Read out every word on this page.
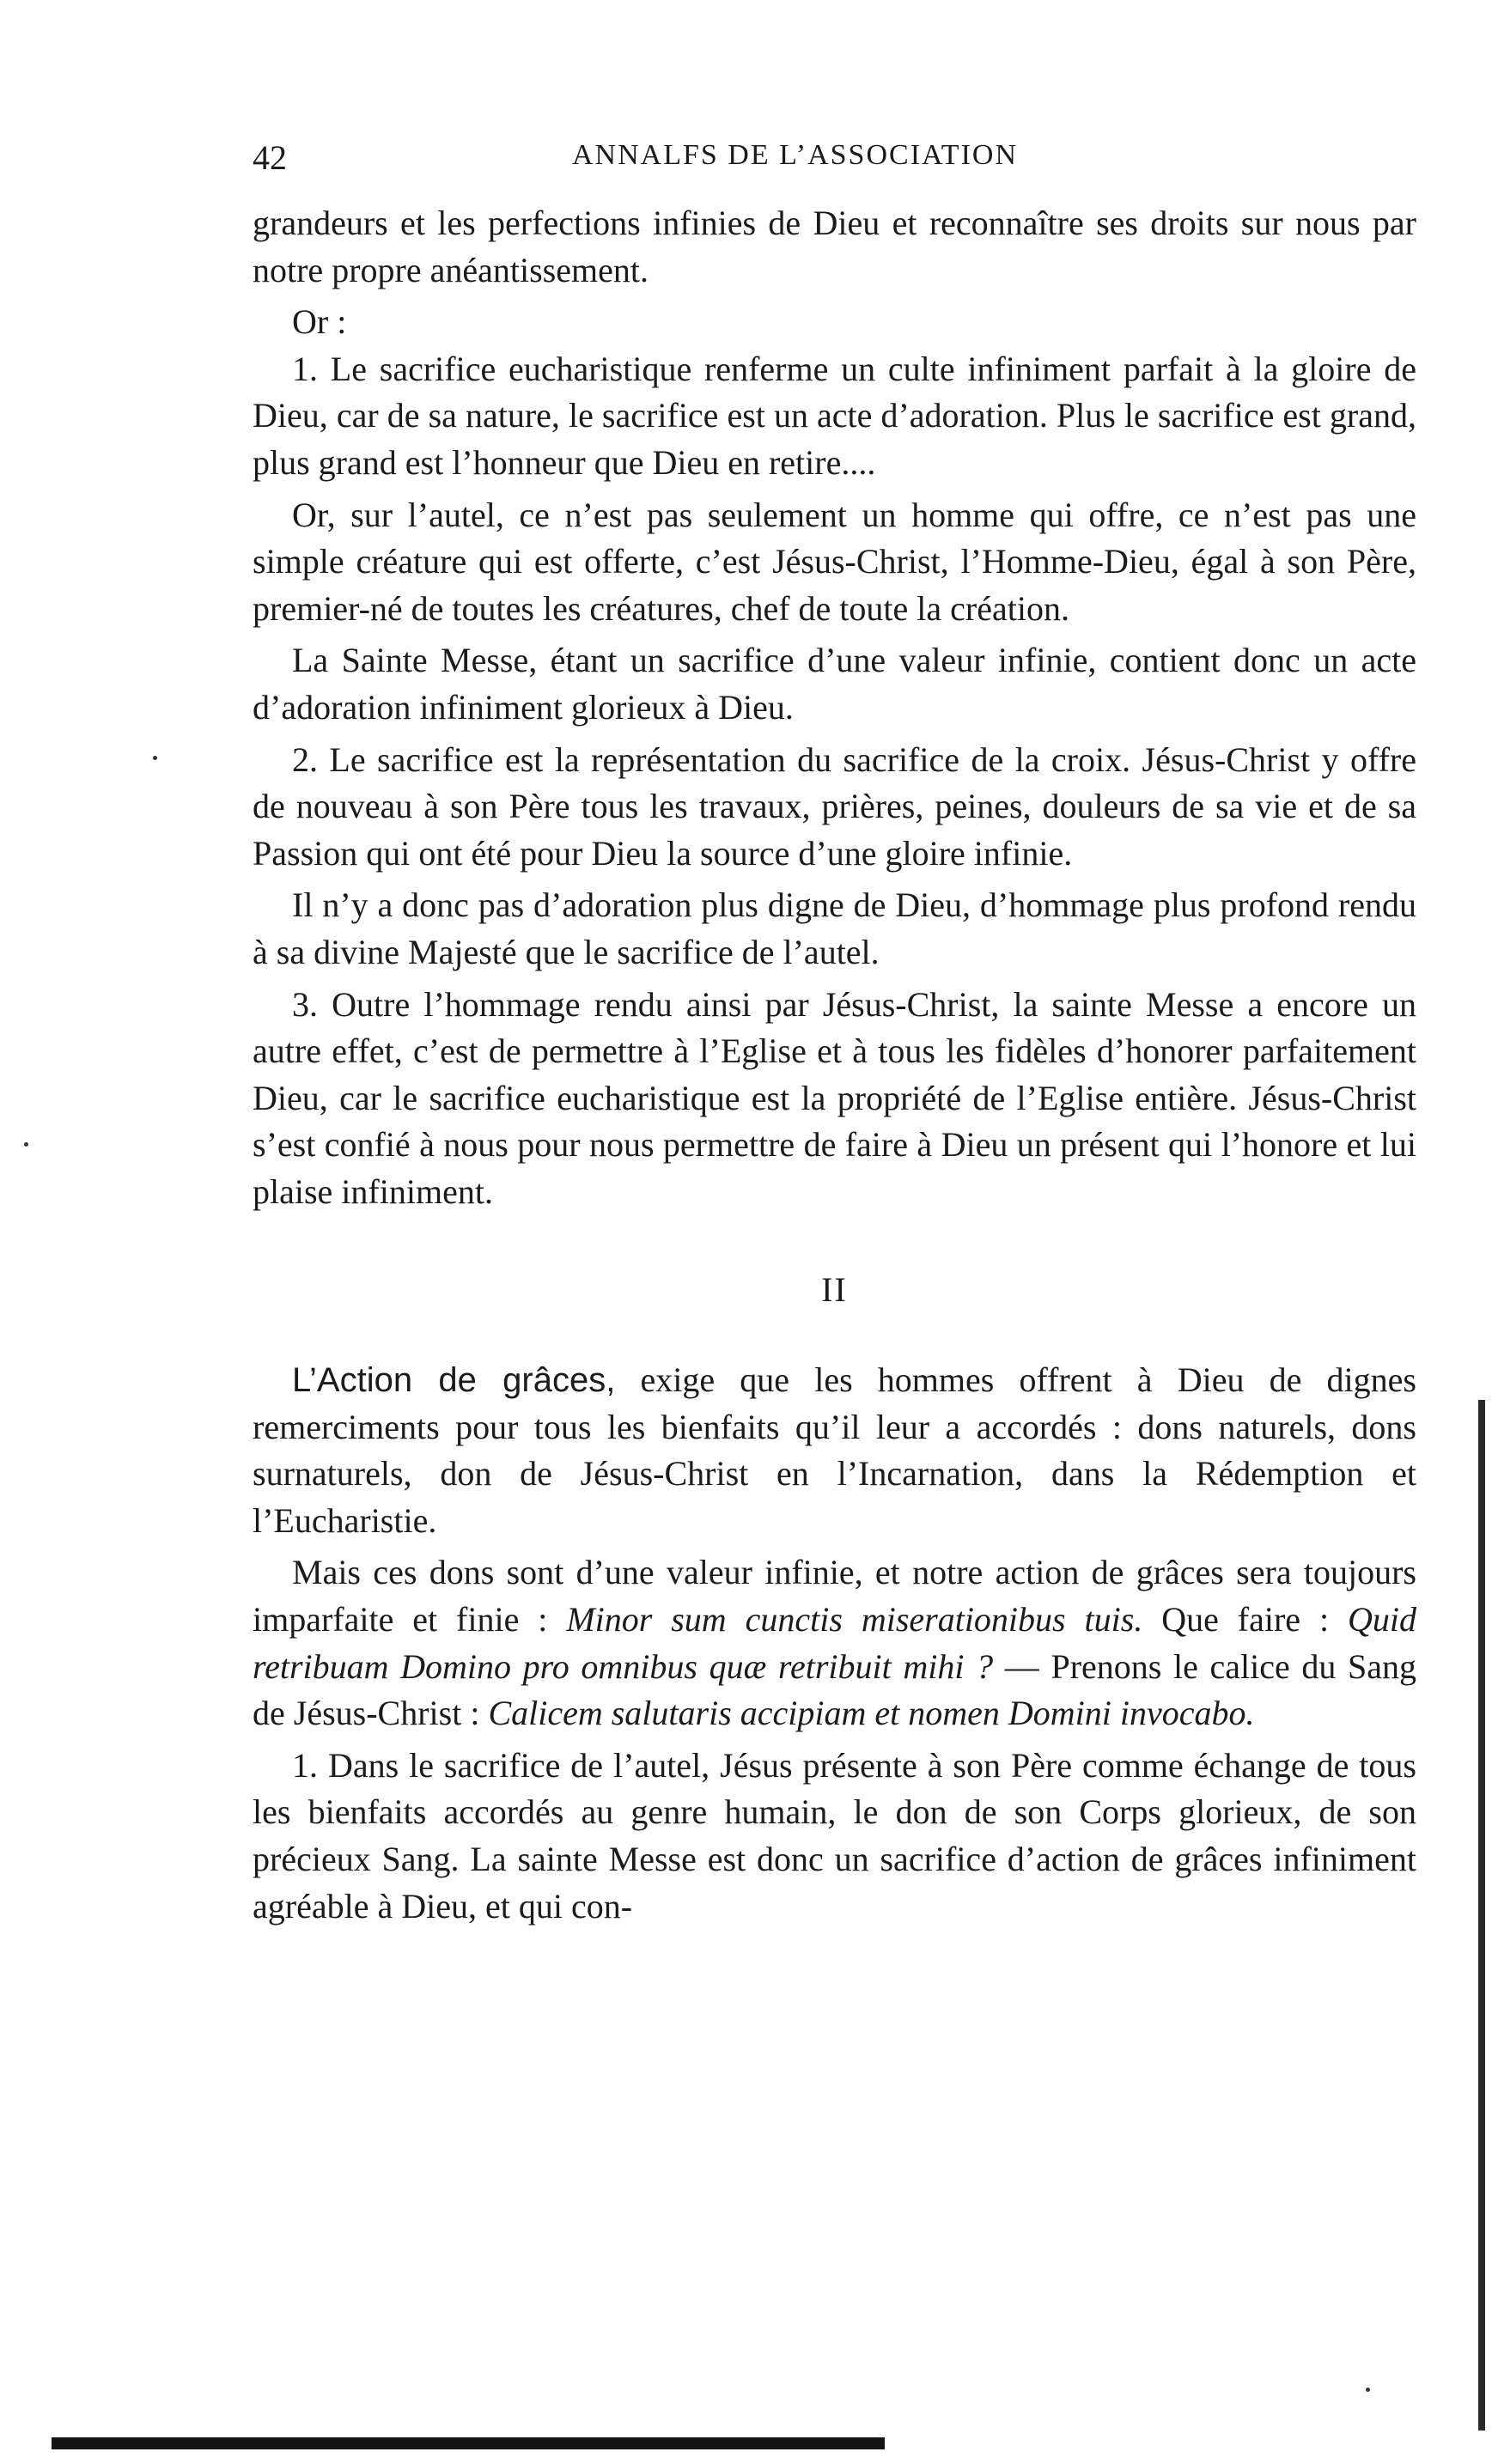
42	ANNALFS DE L’ASSOCIATION

grandeurs et les perfections infinies de Dieu et reconnaître ses droits sur nous par notre propre anéantissement.

Or :

1. Le sacrifice eucharistique renferme un culte infiniment parfait à la gloire de Dieu, car de sa nature, le sacrifice est un acte d’adoration. Plus le sacrifice est grand, plus grand est l’honneur que Dieu en retire....

Or, sur l’autel, ce n’est pas seulement un homme qui offre, ce n’est pas une simple créature qui est offerte, c’est Jésus-Christ, l’Homme-Dieu, égal à son Père, premier-né de toutes les créatures, chef de toute la création.

La Sainte Messe, étant un sacrifice d’une valeur infinie, contient donc un acte d’adoration infiniment glorieux à Dieu.

2. Le sacrifice est la représentation du sacrifice de la croix. Jésus-Christ y offre de nouveau à son Père tous les travaux, prières, peines, douleurs de sa vie et de sa Passion qui ont été pour Dieu la source d’une gloire infinie.

Il n’y a donc pas d’adoration plus digne de Dieu, d’hommage plus profond rendu à sa divine Majesté que le sacrifice de l’autel.

3. Outre l’hommage rendu ainsi par Jésus-Christ, la sainte Messe a encore un autre effet, c’est de permettre à l’Eglise et à tous les fidèles d’honorer parfaitement Dieu, car le sacrifice eucharistique est la propriété de l’Eglise entière. Jésus-Christ s’est confié à nous pour nous permettre de faire à Dieu un présent qui l’honore et lui plaise infiniment.

II

L’Action de grâces, exige que les hommes offrent à Dieu de dignes remerciments pour tous les bienfaits qu’il leur a accordés : dons naturels, dons surnaturels, don de Jésus-Christ en l’Incarnation, dans la Rédemption et l’Eucharistie.

Mais ces dons sont d’une valeur infinie, et notre action de grâces sera toujours imparfaite et finie : Minor sum cunctis miserationibus tuis. Que faire : Quid retribuam Domino pro omnibus quæ retribuit mihi ? — Prenons le calice du Sang de Jésus-Christ : Calicem salutaris accipiam et nomen Domini invocabo.

1. Dans le sacrifice de l’autel, Jésus présente à son Père comme échange de tous les bienfaits accordés au genre humain, le don de son Corps glorieux, de son précieux Sang. La sainte Messe est donc un sacrifice d’action de grâces infiniment agréable à Dieu, et qui con-
